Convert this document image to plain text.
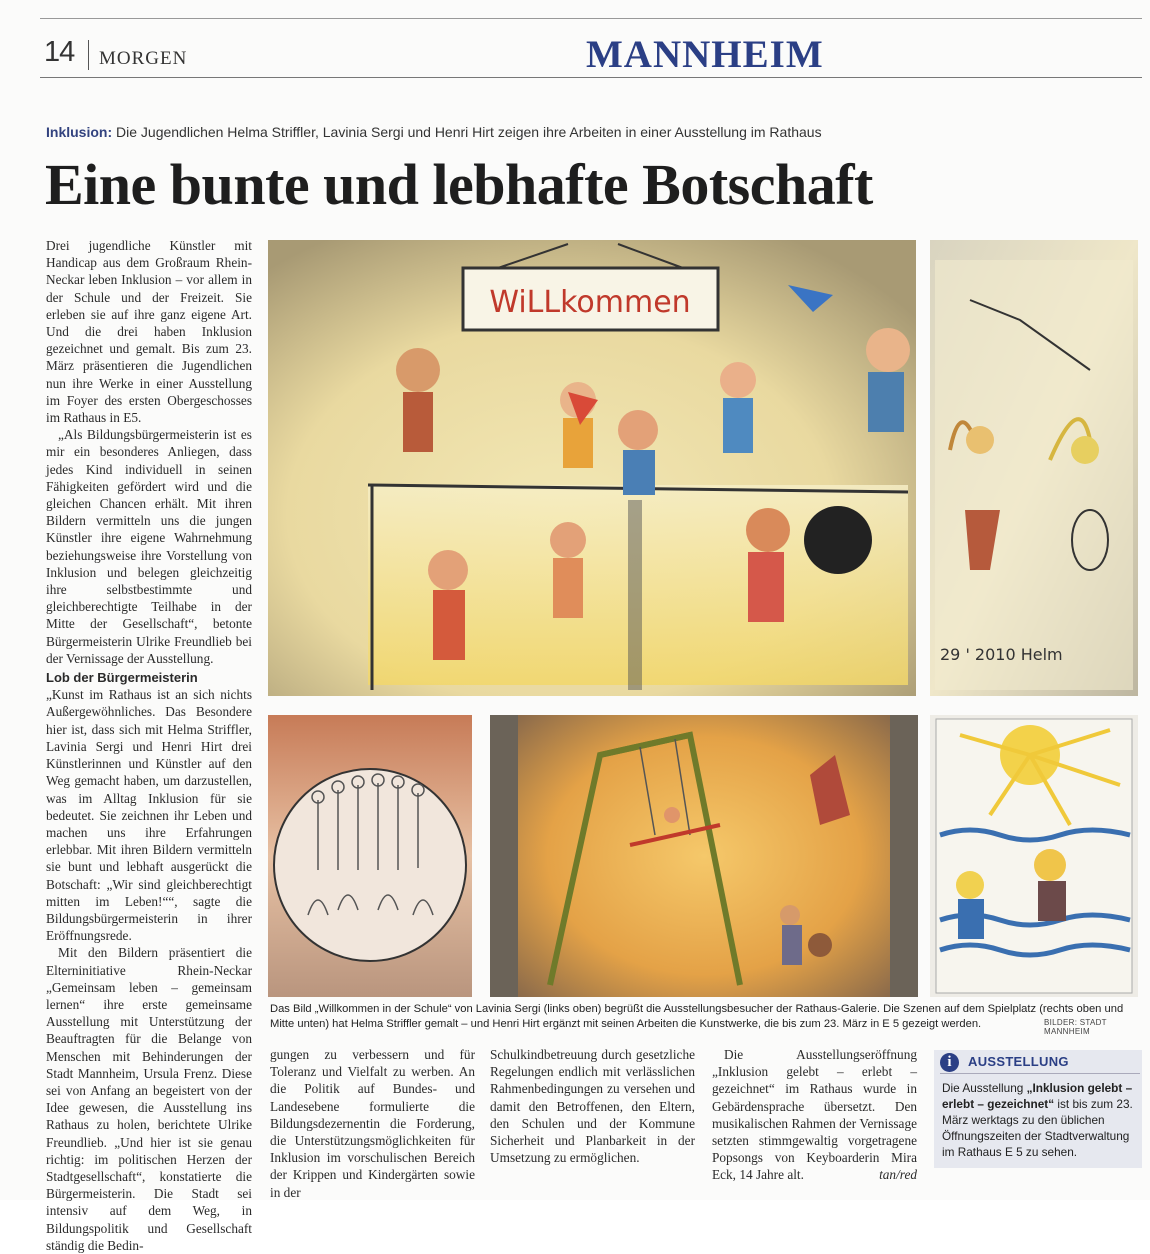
14 MORGEN	MANNHEIM
Inklusion: Die Jugendlichen Helma Striffler, Lavinia Sergi und Henri Hirt zeigen ihre Arbeiten in einer Ausstellung im Rathaus
Eine bunte und lebhafte Botschaft

Drei jugendliche Künstler mit Handicap aus dem Großraum Rhein-Neckar leben Inklusion – vor allem in der Schule und der Freizeit. Sie erleben sie auf ihre ganz eigene Art. Und die drei haben Inklusion gezeichnet und gemalt. Bis zum 23. März präsentieren die Jugendlichen nun ihre Werke in einer Ausstellung im Foyer des ersten Obergeschosses im Rathaus in E5.

„Als Bildungsbürgermeisterin ist es mir ein besonderes Anliegen, dass jedes Kind individuell in seinen Fähigkeiten gefördert wird und die gleichen Chancen erhält. Mit ihren Bildern vermitteln uns die jungen Künstler ihre eigene Wahrnehmung beziehungsweise ihre Vorstellung von Inklusion und belegen gleichzeitig ihre selbstbestimmte und gleichberechtigte Teilhabe in der Mitte der Gesellschaft“, betonte Bürgermeisterin Ulrike Freundlieb bei der Vernissage der Ausstellung.

Lob der Bürgermeisterin

„Kunst im Rathaus ist an sich nichts Außergewöhnliches. Das Besondere hier ist, dass sich mit Helma Striffler, Lavinia Sergi und Henri Hirt drei Künstlerinnen und Künstler auf den Weg gemacht haben, um darzustellen, was im Alltag Inklusion für sie bedeutet. Sie zeichnen ihr Leben und machen uns ihre Erfahrungen erlebbar. Mit ihren Bildern vermitteln sie bunt und lebhaft ausgerückt die Botschaft: „Wir sind gleichberechtigt mitten im Leben!““, sagte die Bildungsbürgermeisterin in ihrer Eröffnungsrede.

Mit den Bildern präsentiert die Elterninitiative Rhein-Neckar „Gemeinsam leben – gemeinsam lernen“ ihre erste gemeinsame Ausstellung mit Unterstützung der Beauftragten für die Belange von Menschen mit Behinderungen der Stadt Mannheim, Ursula Frenz. Diese sei von Anfang an begeistert von der Idee gewesen, die Ausstellung ins Rathaus zu holen, berichtete Ulrike Freundlieb. „Und hier ist sie genau richtig: im politischen Herzen der Stadtgesellschaft“, konstatierte die Bürgermeisterin. Die Stadt sei intensiv auf dem Weg, in Bildungspolitik und Gesellschaft ständig die Bedin-

gungen zu verbessern und für Toleranz und Vielfalt zu werben. An die Politik auf Bundes- und Landesebene formulierte die Bildungsdezernentin die Forderung, die Unterstützungsmöglichkeiten für Inklusion im vorschulischen Bereich der Krippen und Kindergärten sowie in der

Schulkindbetreuung durch gesetzliche Regelungen endlich mit verlässlichen Rahmenbedingungen zu versehen und damit den Betroffenen, den Eltern, den Schulen und der Kommune Sicherheit und Planbarkeit in der Umsetzung zu ermöglichen.

Die Ausstellungseröffnung „Inklusion gelebt – erlebt – gezeichnet“ im Rathaus wurde in Gebärdensprache übersetzt. Den musikalischen Rahmen der Vernissage setzten stimmgewaltig vorgetragene Popsongs von Keyboarderin Mira Eck, 14 Jahre alt.	tan/red

WiLLkommen
29 ' 2010 Helm
Das Bild „Willkommen in der Schule“ von Lavinia Sergi (links oben) begrüßt die Ausstellungsbesucher der Rathaus-Galerie. Die Szenen auf dem Spielplatz (rechts oben und Mitte unten) hat Helma Striffler gemalt – und Henri Hirt ergänzt mit seinen Arbeiten die Kunstwerke, die bis zum 23. März in E 5 gezeigt werden.	BILDER: STADT MANNHEIM
i	AUSSTELLUNG
Die Ausstellung „Inklusion gelebt – erlebt – gezeichnet“ ist bis zum 23. März werktags zu den üblichen Öffnungszeiten der Stadtverwaltung im Rathaus E 5 zu sehen.
